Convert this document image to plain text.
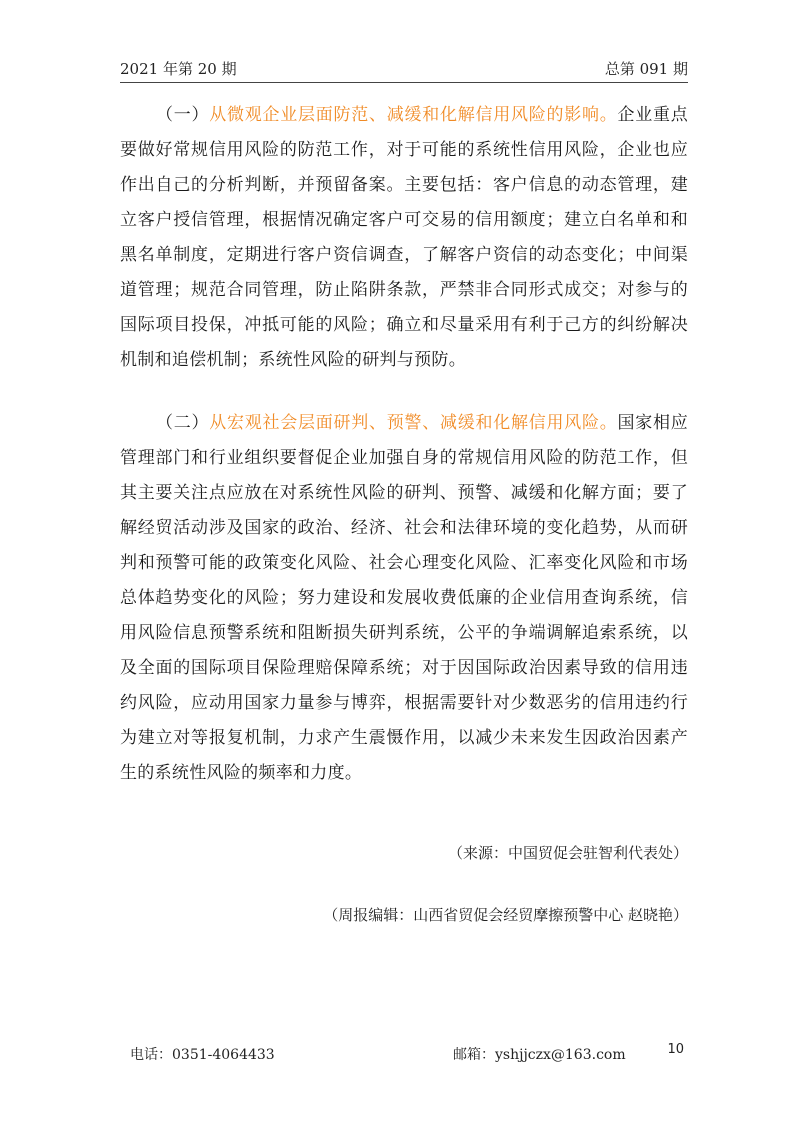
2021 年第 20 期	总第 091 期

（一）从微观企业层面防范、减缓和化解信用风险的影响。企业重点要做好常规信用风险的防范工作，对于可能的系统性信用风险，企业也应作出自己的分析判断，并预留备案。主要包括：客户信息的动态管理，建立客户授信管理，根据情况确定客户可交易的信用额度；建立白名单和和黑名单制度，定期进行客户资信调查，了解客户资信的动态变化；中间渠道管理；规范合同管理，防止陷阱条款，严禁非合同形式成交；对参与的国际项目投保，冲抵可能的风险；确立和尽量采用有利于己方的纠纷解决机制和追偿机制；系统性风险的研判与预防。

（二）从宏观社会层面研判、预警、减缓和化解信用风险。国家相应管理部门和行业组织要督促企业加强自身的常规信用风险的防范工作，但其主要关注点应放在对系统性风险的研判、预警、减缓和化解方面；要了解经贸活动涉及国家的政治、经济、社会和法律环境的变化趋势，从而研判和预警可能的政策变化风险、社会心理变化风险、汇率变化风险和市场总体趋势变化的风险；努力建设和发展收费低廉的企业信用查询系统，信用风险信息预警系统和阻断损失研判系统，公平的争端调解追索系统，以及全面的国际项目保险理赔保障系统；对于因国际政治因素导致的信用违约风险，应动用国家力量参与博弈，根据需要针对少数恶劣的信用违约行为建立对等报复机制，力求产生震慑作用，以减少未来发生因政治因素产生的系统性风险的频率和力度。

（来源：中国贸促会驻智利代表处）
（周报编辑：山西省贸促会经贸摩擦预警中心 赵晓艳）
电话：0351-4064433	邮箱：yshjjczx@163.com	10
